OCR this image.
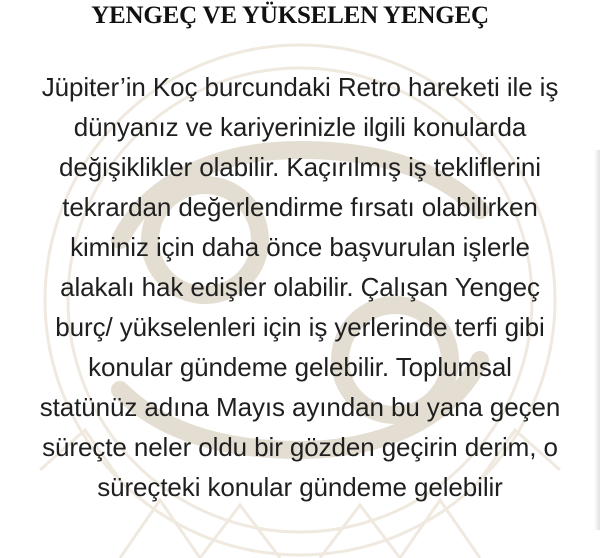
YENGEÇ VE YÜKSELEN YENGEÇ
Jüpiter’in Koç burcundaki Retro hareketi ile iş
dünyanız ve kariyerinizle ilgili konularda
değişiklikler olabilir. Kaçırılmış iş tekliflerini
tekrardan değerlendirme fırsatı olabilirken
kiminiz için daha önce başvurulan işlerle
alakalı hak edişler olabilir. Çalışan Yengeç
burç/ yükselenleri için iş yerlerinde terfi gibi
konular gündeme gelebilir. Toplumsal
statünüz adına Mayıs ayından bu yana geçen
süreçte neler oldu bir gözden geçirin derim, o
süreçteki konular gündeme gelebilir
